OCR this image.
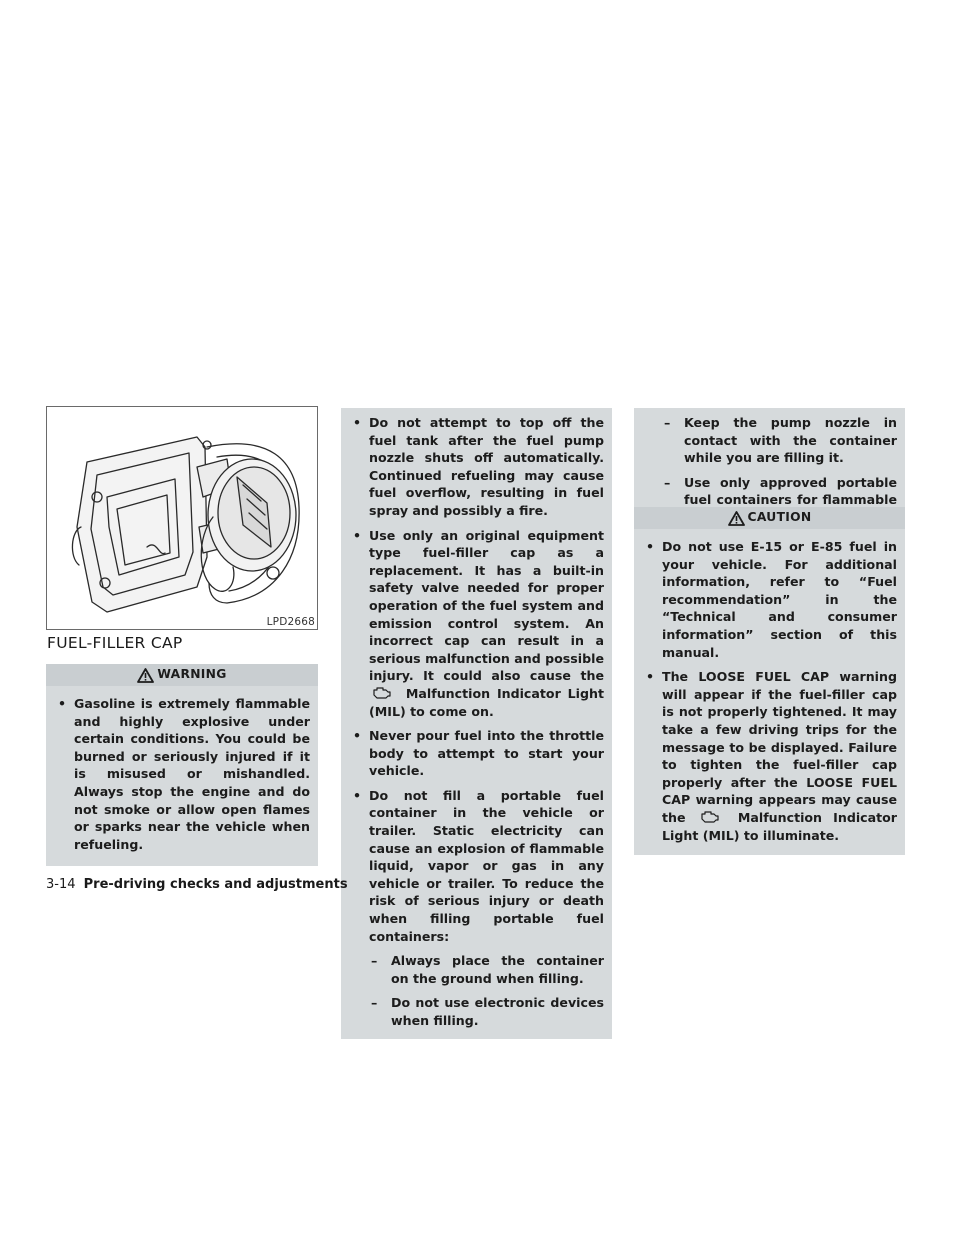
LPD2668
FUEL-FILLER CAP
WARNING
• Gasoline is extremely flammable and highly explosive under certain conditions. You could be burned or seriously injured if it is misused or mishandled. Always stop the engine and do not smoke or allow open flames or sparks near the vehicle when refueling.
• Do not attempt to top off the fuel tank after the fuel pump nozzle shuts off automatically. Continued refueling may cause fuel overflow, resulting in fuel spray and possibly a fire.
• Use only an original equipment type fuel-filler cap as a replacement. It has a built-in safety valve needed for proper operation of the fuel system and emission control system. An incorrect cap can result in a serious malfunction and possible injury. It could also cause the  Malfunction Indicator Light (MIL) to come on.
• Never pour fuel into the throttle body to attempt to start your vehicle.
• Do not fill a portable fuel container in the vehicle or trailer. Static electricity can cause an explosion of flammable liquid, vapor or gas in any vehicle or trailer. To reduce the risk of serious injury or death when filling portable fuel containers:
– Always place the container on the ground when filling.
– Do not use electronic devices when filling.
– Keep the pump nozzle in contact with the container while you are filling it.
– Use only approved portable fuel containers for flammable
CAUTION
• Do not use E-15 or E-85 fuel in your vehicle. For additional information, refer to “Fuel recommendation” in the “Technical and consumer information” section of this manual.
• The LOOSE FUEL CAP warning will appear if the fuel-filler cap is not properly tightened. It may take a few driving trips for the message to be displayed. Failure to tighten the fuel-filler cap properly after the LOOSE FUEL CAP warning appears may cause the	Malfunction Indicator Light (MIL) to illuminate.
3-14 Pre-driving checks and adjustments
